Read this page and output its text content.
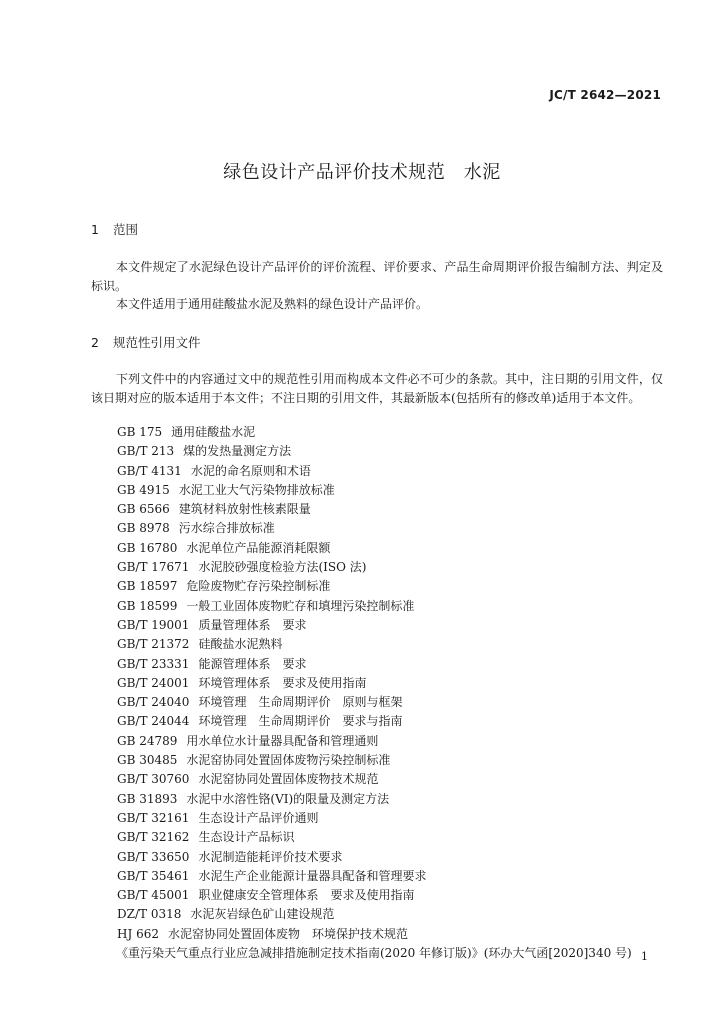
JC/T 2642—2021
绿色设计产品评价技术规范　水泥
1 范围

本文件规定了水泥绿色设计产品评价的评价流程、评价要求、产品生命周期评价报告编制方法、判定及标识。

本文件适用于通用硅酸盐水泥及熟料的绿色设计产品评价。

2 规范性引用文件

下列文件中的内容通过文中的规范性引用而构成本文件必不可少的条款。其中，注日期的引用文件，仅该日期对应的版本适用于本文件；不注日期的引用文件，其最新版本(包括所有的修改单)适用于本文件。

GB 175 通用硅酸盐水泥
GB/T 213 煤的发热量测定方法
GB/T 4131 水泥的命名原则和术语
GB 4915 水泥工业大气污染物排放标准
GB 6566 建筑材料放射性核素限量
GB 8978 污水综合排放标准
GB 16780 水泥单位产品能源消耗限额
GB/T 17671 水泥胶砂强度检验方法(ISO 法)
GB 18597 危险废物贮存污染控制标准
GB 18599 一般工业固体废物贮存和填埋污染控制标准
GB/T 19001 质量管理体系　要求
GB/T 21372 硅酸盐水泥熟料
GB/T 23331 能源管理体系　要求
GB/T 24001 环境管理体系　要求及使用指南
GB/T 24040 环境管理　生命周期评价　原则与框架
GB/T 24044 环境管理　生命周期评价　要求与指南
GB 24789 用水单位水计量器具配备和管理通则
GB 30485 水泥窑协同处置固体废物污染控制标准
GB/T 30760 水泥窑协同处置固体废物技术规范
GB 31893 水泥中水溶性铬(VI)的限量及测定方法
GB/T 32161 生态设计产品评价通则
GB/T 32162 生态设计产品标识
GB/T 33650 水泥制造能耗评价技术要求
GB/T 35461 水泥生产企业能源计量器具配备和管理要求
GB/T 45001 职业健康安全管理体系　要求及使用指南
DZ/T 0318 水泥灰岩绿色矿山建设规范
HJ 662 水泥窑协同处置固体废物　环境保护技术规范
《重污染天气重点行业应急减排措施制定技术指南(2020 年修订版)》(环办大气函[2020]340 号) 1
